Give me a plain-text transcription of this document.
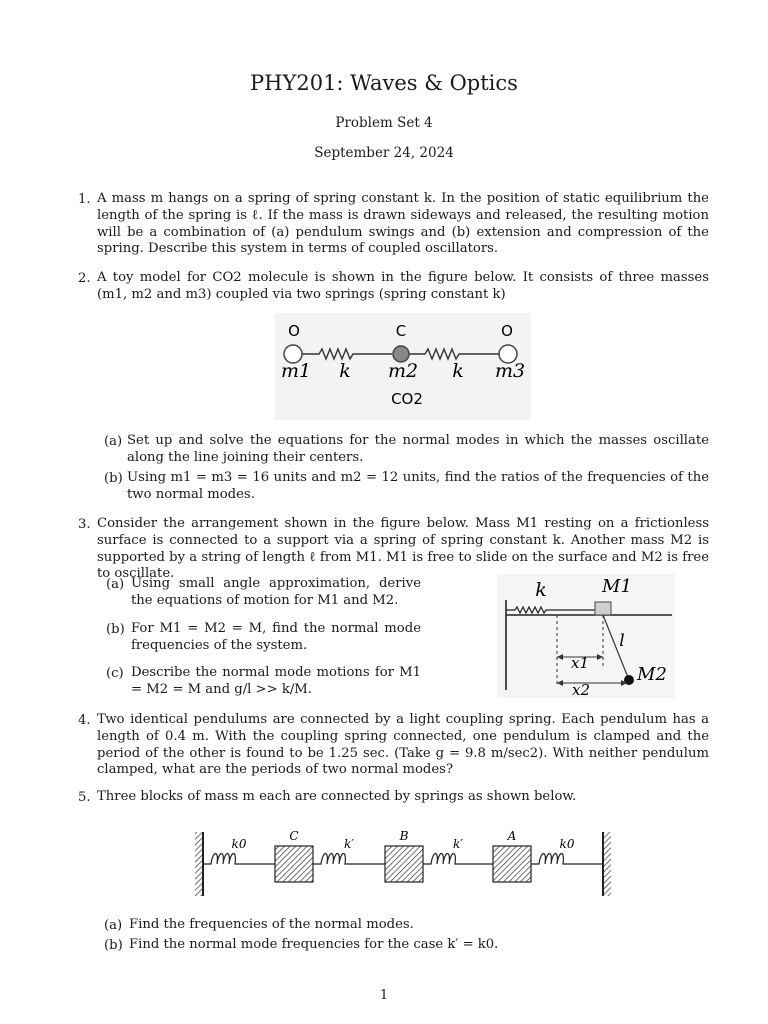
PHY201: Waves & Optics
Problem Set 4
September 24, 2024
1. A mass m hangs on a spring of spring constant k. In the position of static equilibrium the length of the spring is ℓ. If the mass is drawn sideways and released, the resulting motion will be a combination of (a) pendulum swings and (b) extension and compression of the spring. Describe this system in terms of coupled oscillators.
2. A toy model for CO2 molecule is shown in the figure below. It consists of three masses (m1, m2 and m3) coupled via two springs (spring constant k)
O	C	O
m1 k m2 k m3
CO2
(a) Set up and solve the equations for the normal modes in which the masses oscillate along the line joining their centers.
(b) Using m1 = m3 = 16 units and m2 = 12 units, find the ratios of the frequencies of the two normal modes.
3. Consider the arrangement shown in the figure below. Mass M1 resting on a frictionless surface is connected to a support via a spring of spring constant k. Another mass M2 is supported by a string of length ℓ from M1. M1 is free to slide on the surface and M2 is free to oscillate.
(a) Using small angle approximation, derive the equations of motion for M1 and M2.
(b) For M1 = M2 = M, find the normal mode frequencies of the system.
(c) Describe the normal mode motions for M1 = M2 = M and g/l >> k/M.
k	M1
l
x1
x2
M2
4. Two identical pendulums are connected by a light coupling spring. Each pendulum has a length of 0.4 m. With the coupling spring connected, one pendulum is clamped and the period of the other is found to be 1.25 sec. (Take g = 9.8 m/sec2). With neither pendulum clamped, what are the periods of two normal modes?
5. Three blocks of mass m each are connected by springs as shown below.
k0
C
k′
B
k′
A
k0
(a) Find the frequencies of the normal modes.
(b) Find the normal mode frequencies for the case k′ = k0.
1
